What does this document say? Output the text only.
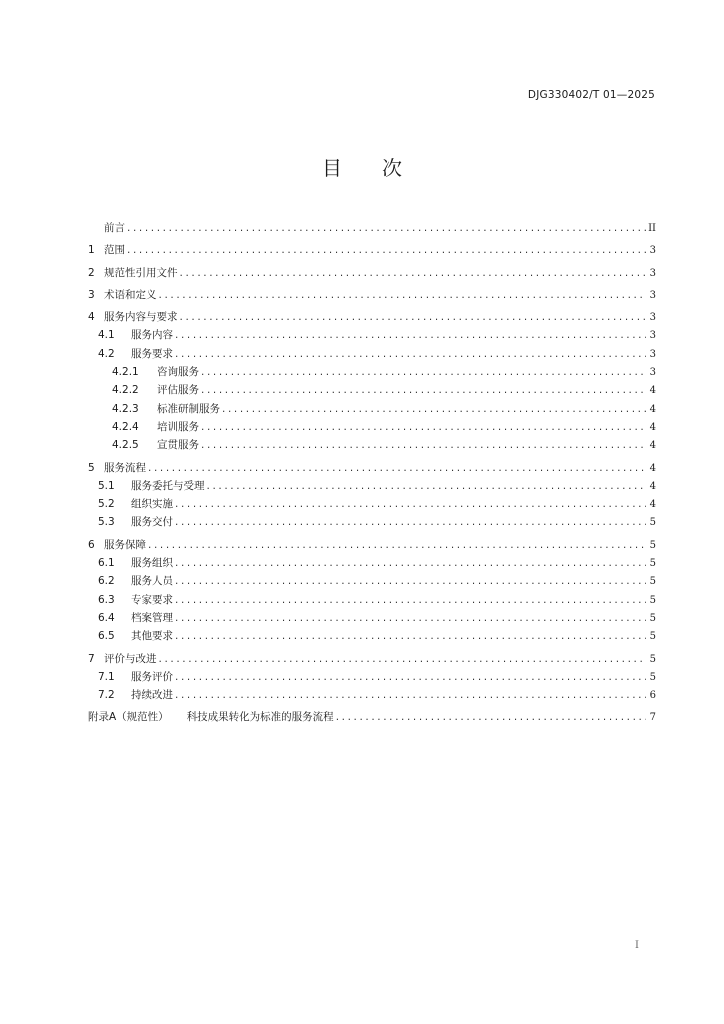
DJG330402/T 01—2025
目次
前言 .....	II
1 范围 .....	3
2 规范性引用文件 .....	3
3 术语和定义 .....	3
4 服务内容与要求 .....	3
4.1	服务内容 .....	3
4.2	服务要求 .....	3
4.2.1	咨询服务 .....	3
4.2.2	评估服务 .....	4
4.2.3	标准研制服务 .....	4
4.2.4	培训服务 .....	4
4.2.5	宣贯服务 .....	4
5 服务流程 .....	4
5.1	服务委托与受理 .....	4
5.2	组织实施 .....	4
5.3	服务交付 .....	5
6 服务保障 .....	5
6.1	服务组织 .....	5
6.2	服务人员 .....	5
6.3	专家要求 .....	5
6.4	档案管理 .....	5
6.5	其他要求 .....	5
7 评价与改进 .....	5
7.1	服务评价 .....	5
7.2	持续改进 .....	6
附录A（规范性） 科技成果转化为标准的服务流程 .....	7
I
